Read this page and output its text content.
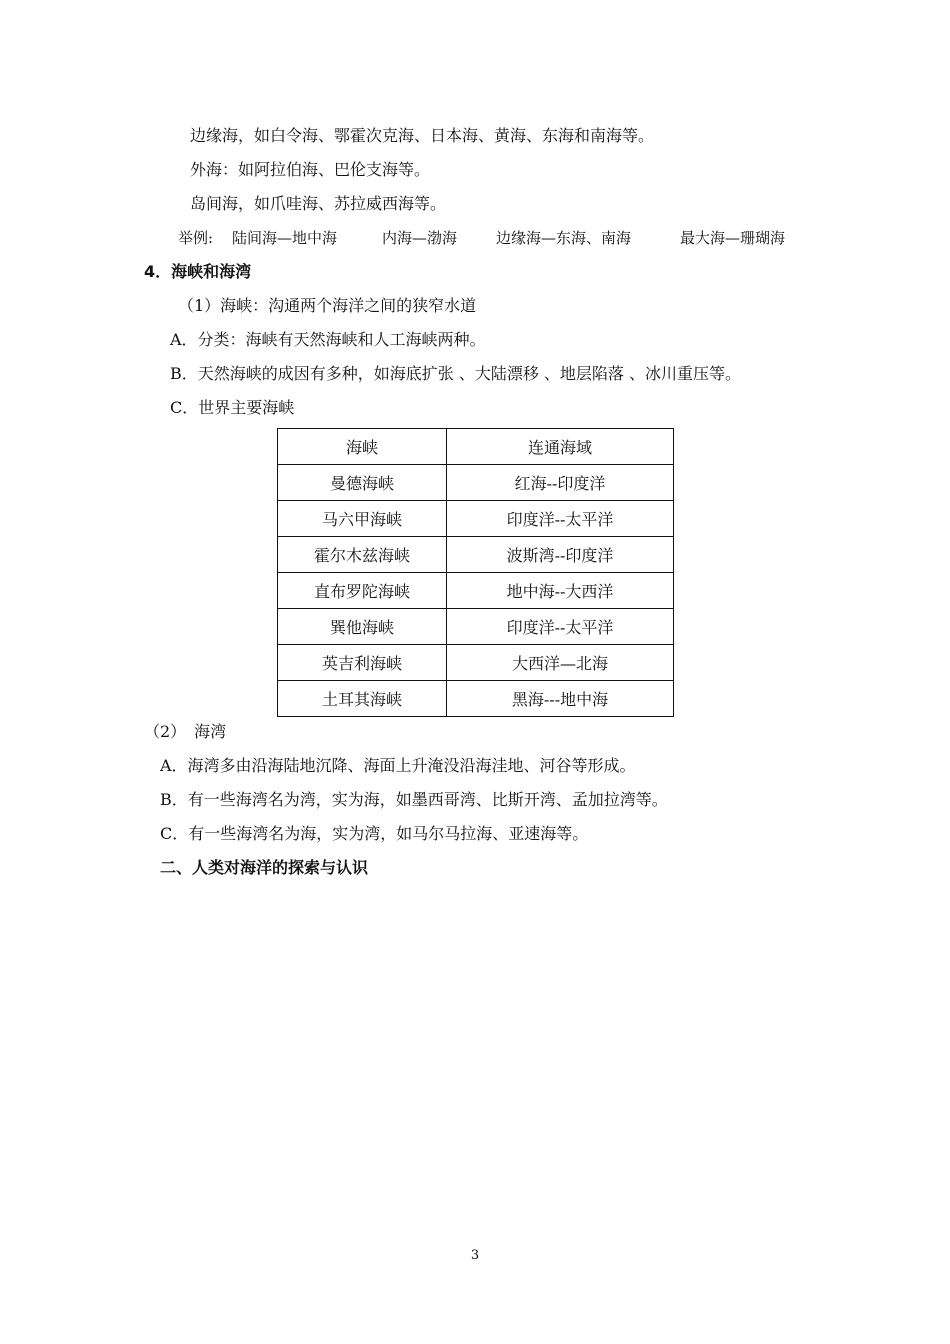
边缘海，如白令海、鄂霍次克海、日本海、黄海、东海和南海等。
外海：如阿拉伯海、巴伦支海等。
岛间海，如爪哇海、苏拉威西海等。
举例: 陆间海—地中海	内海—渤海	边缘海—东海、南海	最大海—珊瑚海
4．海峡和海湾
（1）海峡：沟通两个海洋之间的狭窄水道
A．分类：海峡有天然海峡和人工海峡两种。
B．天然海峡的成因有多种，如海底扩张 、大陆漂移 、地层陷落 、冰川重压等。
C．世界主要海峡
海峡	连通海域
曼德海峡	红海--印度洋
马六甲海峡	印度洋--太平洋
霍尔木兹海峡	波斯湾--印度洋
直布罗陀海峡	地中海--大西洋
巽他海峡	印度洋--太平洋
英吉利海峡	大西洋—北海
土耳其海峡	黑海---地中海
（2）　海湾
A．海湾多由沿海陆地沉降、海面上升淹没沿海洼地、河谷等形成。
B．有一些海湾名为湾，实为海，如墨西哥湾、比斯开湾、孟加拉湾等。
C．有一些海湾名为海，实为湾，如马尔马拉海、亚速海等。
二、人类对海洋的探索与认识
3
